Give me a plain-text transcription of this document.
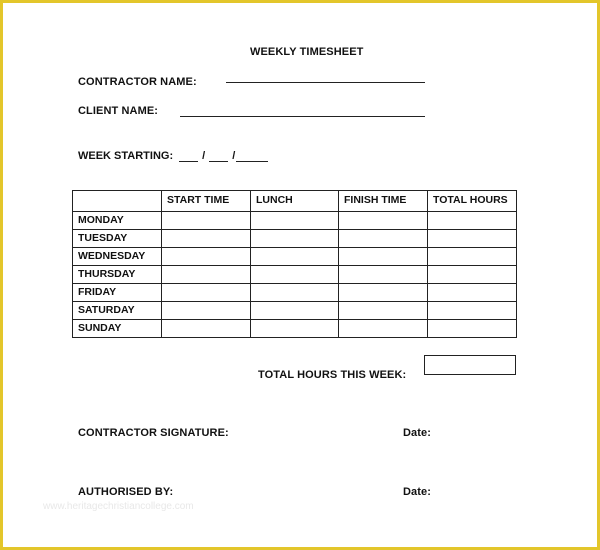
WEEKLY TIMESHEET
CONTRACTOR NAME:
CLIENT NAME:
WEEK STARTING:	/ /
	START TIME	LUNCH	FINISH TIME	TOTAL HOURS
MONDAY				
TUESDAY				
WEDNESDAY				
THURSDAY				
FRIDAY				
SATURDAY				
SUNDAY				
TOTAL HOURS THIS WEEK:
CONTRACTOR SIGNATURE:	Date:
AUTHORISED BY:	Date:
www.heritagechristiancollege.com
